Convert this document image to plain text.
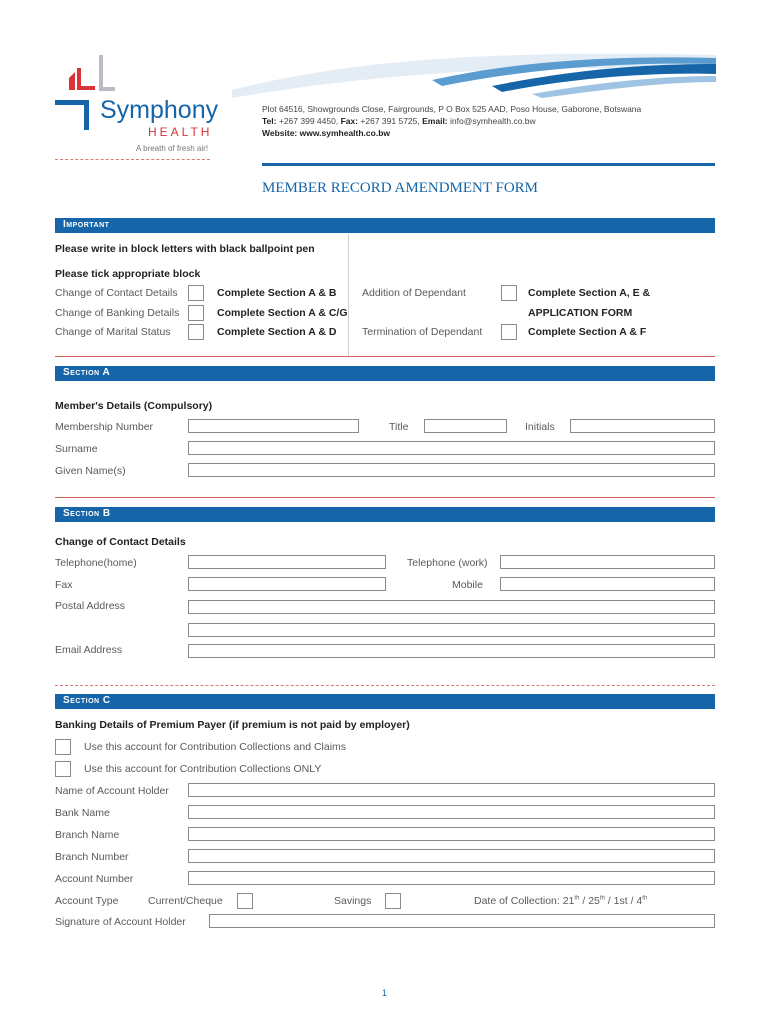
Symphony
HEALTH
A breath of fresh air!
Plot 64516, Showgrounds Close, Fairgrounds, P O Box 525 AAD, Poso House, Gaborone, Botswana
Tel: +267 399 4450, Fax: +267 391 5725, Email: info@symhealth.co.bw
Website: www.symhealth.co.bw
MEMBER RECORD AMENDMENT FORM
Important
Please write in block letters with black ballpoint pen
Please tick appropriate block
Change of Contact Details	Complete Section A & B
Change of Banking Details	Complete Section A & C/G
Change of Marital Status	Complete Section A & D
Addition of Dependant	Complete Section A, E &
APPLICATION FORM
Termination of Dependant	Complete Section A & F
Section A
Member's Details (Compulsory)
Membership Number	Title	Initials
Surname
Given Name(s)
Section B
Change of Contact Details
Telephone(home)	Telephone (work)
Fax	Mobile
Postal Address
Email Address
Section C
Banking Details of Premium Payer (if premium is not paid by employer)
Use this account for Contribution Collections and Claims
Use this account for Contribution Collections ONLY
Name of Account Holder
Bank Name
Branch Name
Branch Number
Account Number
Account Type	Current/Cheque	Savings	Date of Collection: 21th / 25th / 1st / 4th
Signature of Account Holder
1
